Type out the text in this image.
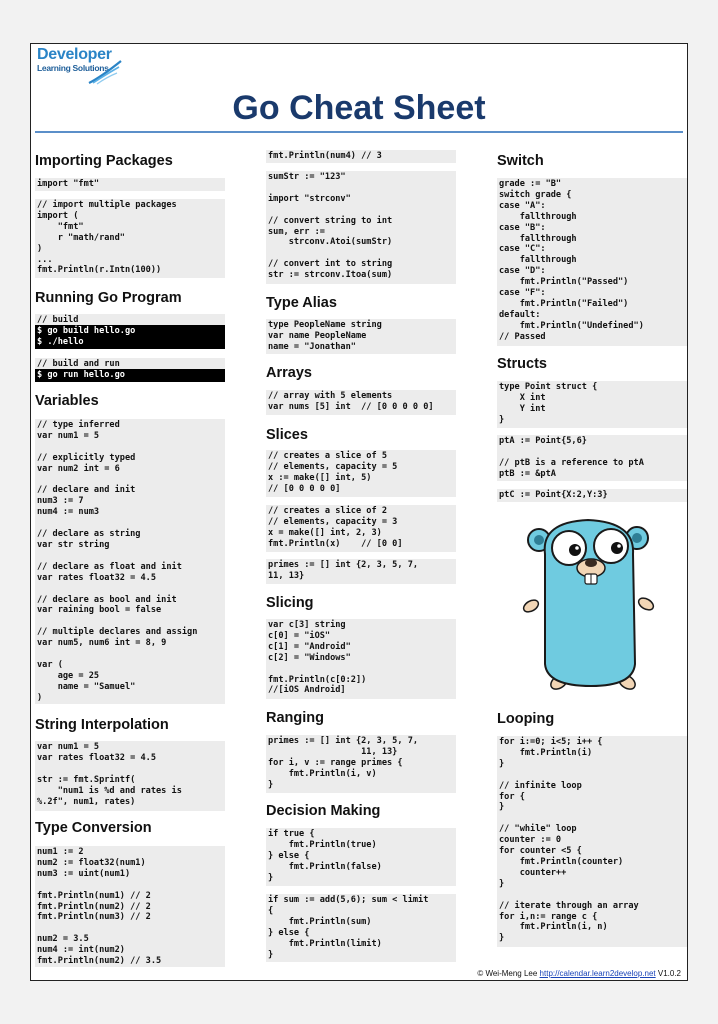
Developer
Learning Solutions
Go Cheat Sheet
Importing Packages
import "fmt"
// import multiple packages
import (
"fmt"
r "math/rand"
)
...
fmt.Println(r.Intn(100))
Running Go Program
// build
$ go build hello.go
$ ./hello
// build and run
$ go run hello.go
Variables
// type inferred
var num1 = 5

// explicitly typed
var num2 int = 6

// declare and init
num3 := 7
num4 := num3

// declare as string
var str string

// declare as float and init
var rates float32 = 4.5

// declare as bool and init
var raining bool = false

// multiple declares and assign
var num5, num6 int = 8, 9

var (
age = 25
name = "Samuel"
)
String Interpolation
var num1 = 5
var rates float32 = 4.5

str := fmt.Sprintf(
"num1 is %d and rates is
%.2f", num1, rates)
Type Conversion
num1 := 2
num2 := float32(num1)
num3 := uint(num1)

fmt.Println(num1) // 2
fmt.Println(num2) // 2
fmt.Println(num3) // 2

num2 = 3.5
num4 := int(num2)
fmt.Println(num2) // 3.5
fmt.Println(num4) // 3
sumStr := "123"

import "strconv"

// convert string to int
sum, err :=
strconv.Atoi(sumStr)

// convert int to string
str := strconv.Itoa(sum)
Type Alias
type PeopleName string
var name PeopleName
name = "Jonathan"
Arrays
// array with 5 elements
var nums [5] int  // [0 0 0 0 0]
Slices
// creates a slice of 5
// elements, capacity = 5
x := make([] int, 5)
// [0 0 0 0 0]
// creates a slice of 2
// elements, capacity = 3
x = make([] int, 2, 3)
fmt.Println(x)    // [0 0]
primes := [] int {2, 3, 5, 7,
11, 13}
Slicing
var c[3] string
c[0] = "iOS"
c[1] = "Android"
c[2] = "Windows"

fmt.Println(c[0:2])
//[iOS Android]
Ranging
primes := [] int {2, 3, 5, 7,
11, 13}
for i, v := range primes {
fmt.Println(i, v)
}
Decision Making
if true {
fmt.Println(true)
} else {
fmt.Println(false)
}
if sum := add(5,6); sum < limit
{
fmt.Println(sum)
} else {
fmt.Println(limit)
}
Switch
grade := "B"
switch grade {
case "A":
fallthrough
case "B":
fallthrough
case "C":
fallthrough
case "D":
fmt.Println("Passed")
case "F":
fmt.Println("Failed")
default:
fmt.Println("Undefined")
// Passed
Structs
type Point struct {
X int
Y int
}
ptA := Point{5,6}

// ptB is a reference to ptA
ptB := &ptA
ptC := Point{X:2,Y:3}
Looping
for i:=0; i<5; i++ {
fmt.Println(i)
}

// infinite loop
for {
}

// "while" loop
counter := 0
for counter <5 {
fmt.Println(counter)
counter++
}

// iterate through an array
for i,n:= range c {
fmt.Println(i, n)
}
© Wei-Meng Lee http://calendar.learn2develop.net V1.0.2
